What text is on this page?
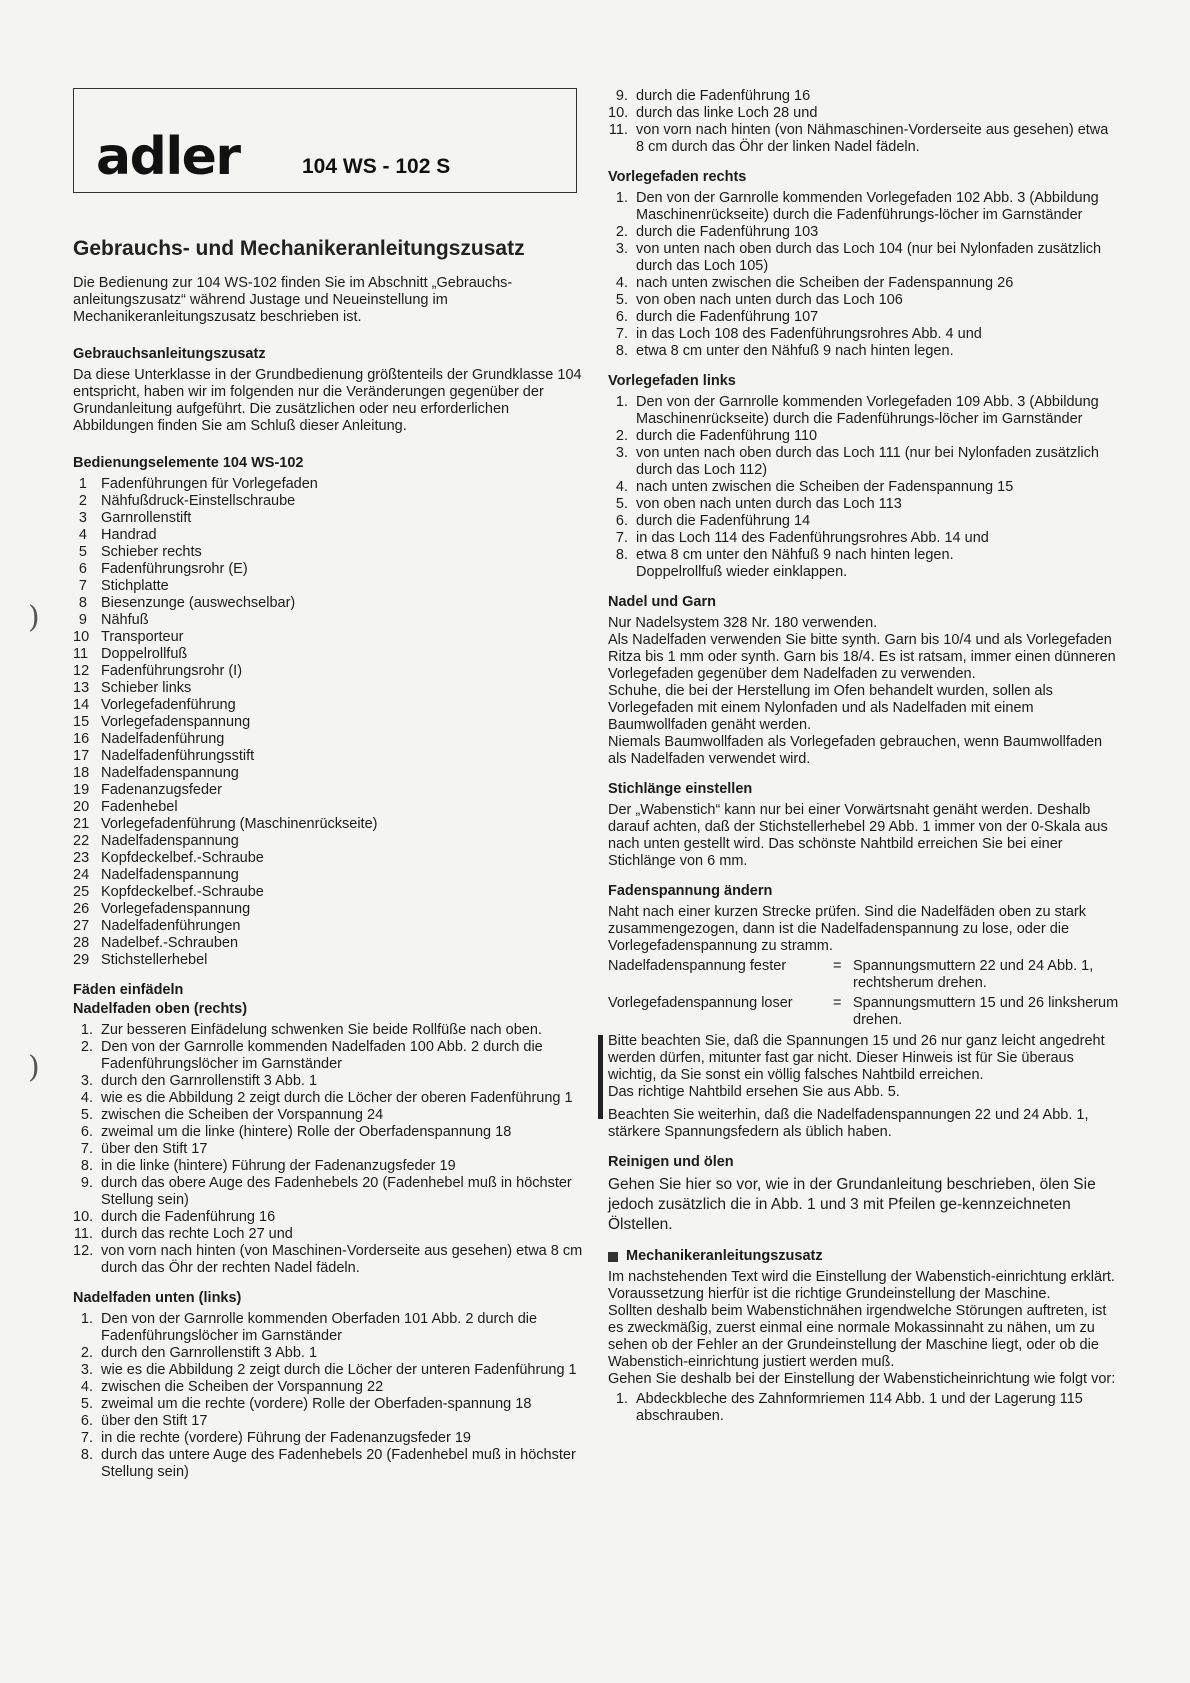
)
)
adler	104 WS - 102 S
Gebrauchs- und Mechanikeranleitungszusatz

Die Bedienung zur 104 WS-102 finden Sie im Abschnitt „Gebrauchs-anleitungszusatz“ während Justage und Neueinstellung im Mechanikeranleitungszusatz beschrieben ist.

Gebrauchsanleitungszusatz

Da diese Unterklasse in der Grundbedienung größtenteils der Grundklasse 104 entspricht, haben wir im folgenden nur die Veränderungen gegenüber der Grundanleitung aufgeführt. Die zusätzlichen oder neu erforderlichen Abbildungen finden Sie am Schluß dieser Anleitung.

Bedienungselemente 104 WS-102
1 Fadenführungen für Vorlegefaden
2 Nähfußdruck-Einstellschraube
3 Garnrollenstift
4 Handrad
5 Schieber rechts
6 Fadenführungsrohr (E)
7 Stichplatte
8 Biesenzunge (auswechselbar)
9 Nähfuß
10 Transporteur
11 Doppelrollfuß
12 Fadenführungsrohr (I)
13 Schieber links
14 Vorlegefadenführung
15 Vorlegefadenspannung
16 Nadelfadenführung
17 Nadelfadenführungsstift
18 Nadelfadenspannung
19 Fadenanzugsfeder
20 Fadenhebel
21 Vorlegefadenführung (Maschinenrückseite)
22 Nadelfadenspannung
23 Kopfdeckelbef.-Schraube
24 Nadelfadenspannung
25 Kopfdeckelbef.-Schraube
26 Vorlegefadenspannung
27 Nadelfadenführungen
28 Nadelbef.-Schrauben
29 Stichstellerhebel
Fäden einfädeln
Nadelfaden oben (rechts)
1. Zur besseren Einfädelung schwenken Sie beide Rollfüße nach oben.
2. Den von der Garnrolle kommenden Nadelfaden 100 Abb. 2 durch die Fadenführungslöcher im Garnständer
3. durch den Garnrollenstift 3 Abb. 1
4. wie es die Abbildung 2 zeigt durch die Löcher der oberen Fadenführung 1
5. zwischen die Scheiben der Vorspannung 24
6. zweimal um die linke (hintere) Rolle der Oberfadenspannung 18
7. über den Stift 17
8. in die linke (hintere) Führung der Fadenanzugsfeder 19
9. durch das obere Auge des Fadenhebels 20 (Fadenhebel muß in höchster Stellung sein)
10. durch die Fadenführung 16
11. durch das rechte Loch 27 und
12. von vorn nach hinten (von Maschinen-Vorderseite aus gesehen) etwa 8 cm durch das Öhr der rechten Nadel fädeln.
Nadelfaden unten (links)
1. Den von der Garnrolle kommenden Oberfaden 101 Abb. 2 durch die Fadenführungslöcher im Garnständer
2. durch den Garnrollenstift 3 Abb. 1
3. wie es die Abbildung 2 zeigt durch die Löcher der unteren Fadenführung 1
4. zwischen die Scheiben der Vorspannung 22
5. zweimal um die rechte (vordere) Rolle der Oberfaden-spannung 18
6. über den Stift 17
7. in die rechte (vordere) Führung der Fadenanzugsfeder 19
8. durch das untere Auge des Fadenhebels 20 (Fadenhebel muß in höchster Stellung sein)
9. durch die Fadenführung 16
10. durch das linke Loch 28 und
11. von vorn nach hinten (von Nähmaschinen-Vorderseite aus gesehen) etwa 8 cm durch das Öhr der linken Nadel fädeln.
Vorlegefaden rechts
1. Den von der Garnrolle kommenden Vorlegefaden 102 Abb. 3 (Abbildung Maschinenrückseite) durch die Fadenführungs-löcher im Garnständer
2. durch die Fadenführung 103
3. von unten nach oben durch das Loch 104 (nur bei Nylonfaden zusätzlich durch das Loch 105)
4. nach unten zwischen die Scheiben der Fadenspannung 26
5. von oben nach unten durch das Loch 106
6. durch die Fadenführung 107
7. in das Loch 108 des Fadenführungsrohres Abb. 4 und
8. etwa 8 cm unter den Nähfuß 9 nach hinten legen.
Vorlegefaden links
1. Den von der Garnrolle kommenden Vorlegefaden 109 Abb. 3 (Abbildung Maschinenrückseite) durch die Fadenführungs-löcher im Garnständer
2. durch die Fadenführung 110
3. von unten nach oben durch das Loch 111 (nur bei Nylonfaden zusätzlich durch das Loch 112)
4. nach unten zwischen die Scheiben der Fadenspannung 15
5. von oben nach unten durch das Loch 113
6. durch die Fadenführung 14
7. in das Loch 114 des Fadenführungsrohres Abb. 14 und
8. etwa 8 cm unter den Nähfuß 9 nach hinten legen.
Doppelrollfuß wieder einklappen.
Nadel und Garn
Nur Nadelsystem 328 Nr. 180 verwenden.
Als Nadelfaden verwenden Sie bitte synth. Garn bis 10/4 und als Vorlegefaden Ritza bis 1 mm oder synth. Garn bis 18/4. Es ist ratsam, immer einen dünneren Vorlegefaden gegenüber dem Nadelfaden zu verwenden.
Schuhe, die bei der Herstellung im Ofen behandelt wurden, sollen als Vorlegefaden mit einem Nylonfaden und als Nadelfaden mit einem Baumwollfaden genäht werden.
Niemals Baumwollfaden als Vorlegefaden gebrauchen, wenn Baumwollfaden als Nadelfaden verwendet wird.
Stichlänge einstellen
Der „Wabenstich“ kann nur bei einer Vorwärtsnaht genäht werden. Deshalb darauf achten, daß der Stichstellerhebel 29 Abb. 1 immer von der 0-Skala aus nach unten gestellt wird. Das schönste Nahtbild erreichen Sie bei einer Stichlänge von 6 mm.
Fadenspannung ändern
Naht nach einer kurzen Strecke prüfen. Sind die Nadelfäden oben zu stark zusammengezogen, dann ist die Nadelfadenspannung zu lose, oder die Vorlegefadenspannung zu stramm.
Nadelfadenspannung fester	= Spannungsmuttern 22 und 24 Abb. 1, rechtsherum drehen.
Vorlegefadenspannung loser	= Spannungsmuttern 15 und 26 linksherum drehen.
Bitte beachten Sie, daß die Spannungen 15 und 26 nur ganz leicht angedreht werden dürfen, mitunter fast gar nicht. Dieser Hinweis ist für Sie überaus wichtig, da Sie sonst ein völlig falsches Nahtbild erreichen.
Das richtige Nahtbild ersehen Sie aus Abb. 5.
Beachten Sie weiterhin, daß die Nadelfadenspannungen 22 und 24 Abb. 1, stärkere Spannungsfedern als üblich haben.
Reinigen und ölen
Gehen Sie hier so vor, wie in der Grundanleitung beschrieben, ölen Sie jedoch zusätzlich die in Abb. 1 und 3 mit Pfeilen ge-kennzeichneten Ölstellen.
Mechanikeranleitungszusatz
Im nachstehenden Text wird die Einstellung der Wabenstich-einrichtung erklärt. Voraussetzung hierfür ist die richtige Grundeinstellung der Maschine.
Sollten deshalb beim Wabenstichnähen irgendwelche Störungen auftreten, ist es zweckmäßig, zuerst einmal eine normale Mokassinnaht zu nähen, um zu sehen ob der Fehler an der Grundeinstellung der Maschine liegt, oder ob die Wabenstich-einrichtung justiert werden muß.
Gehen Sie deshalb bei der Einstellung der Wabensticheinrichtung wie folgt vor:
1. Abdeckbleche des Zahnformriemen 114 Abb. 1 und der Lagerung 115 abschrauben.
